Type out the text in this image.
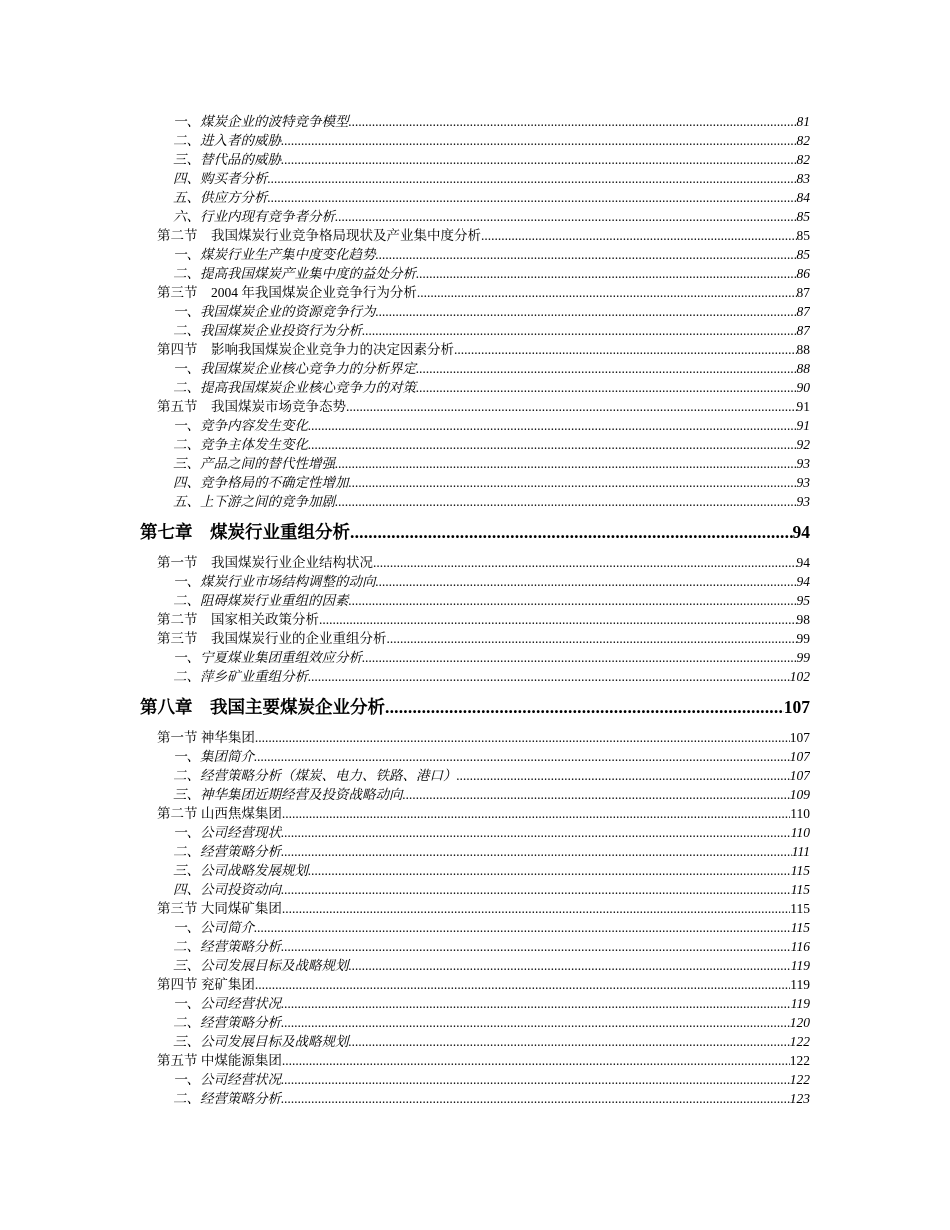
一、煤炭企业的波特竞争模型 .....	81
二、进入者的威胁 .....	82
三、替代品的威胁 .....	82
四、购买者分析 .....	83
五、供应方分析 .....	84
六、行业内现有竞争者分析 .....	85
第二节　我国煤炭行业竞争格局现状及产业集中度分析 .....	85
一、煤炭行业生产集中度变化趋势 .....	85
二、提高我国煤炭产业集中度的益处分析 .....	86
第三节　2004 年我国煤炭企业竞争行为分析 .....	87
一、我国煤炭企业的资源竞争行为 .....	87
二、我国煤炭企业投资行为分析 .....	87
第四节　影响我国煤炭企业竞争力的决定因素分析 .....	88
一、我国煤炭企业核心竞争力的分析界定 .....	88
二、提高我国煤炭企业核心竞争力的对策 .....	90
第五节　我国煤炭市场竞争态势 .....	91
一、竞争内容发生变化 .....	91
二、竞争主体发生变化 .....	92
三、产品之间的替代性增强 .....	93
四、竞争格局的不确定性增加 .....	93
五、上下游之间的竞争加剧 .....	93
第七章　煤炭行业重组分析 .....	94
第一节　我国煤炭行业企业结构状况 .....	94
一、煤炭行业市场结构调整的动向 .....	94
二、阻碍煤炭行业重组的因素 .....	95
第二节　国家相关政策分析 .....	98
第三节　我国煤炭行业的企业重组分析 .....	99
一、宁夏煤业集团重组效应分析 .....	99
二、萍乡矿业重组分析 .....	102
第八章　我国主要煤炭企业分析 .....	107
第一节 神华集团 .....	107
一、集团简介 .....	107
二、经营策略分析（煤炭、电力、铁路、港口） .....	107
三、神华集团近期经营及投资战略动向 .....	109
第二节 山西焦煤集团 .....	110
一、公司经营现状 .....	110
二、经营策略分析 .....	111
三、公司战略发展规划 .....	115
四、公司投资动向 .....	115
第三节 大同煤矿集团 .....	115
一、公司简介 .....	115
二、经营策略分析 .....	116
三、公司发展目标及战略规划 .....	119
第四节 兖矿集团 .....	119
一、公司经营状况 .....	119
二、经营策略分析 .....	120
三、公司发展目标及战略规划 .....	122
第五节 中煤能源集团 .....	122
一、公司经营状况 .....	122
二、经营策略分析 .....	123
